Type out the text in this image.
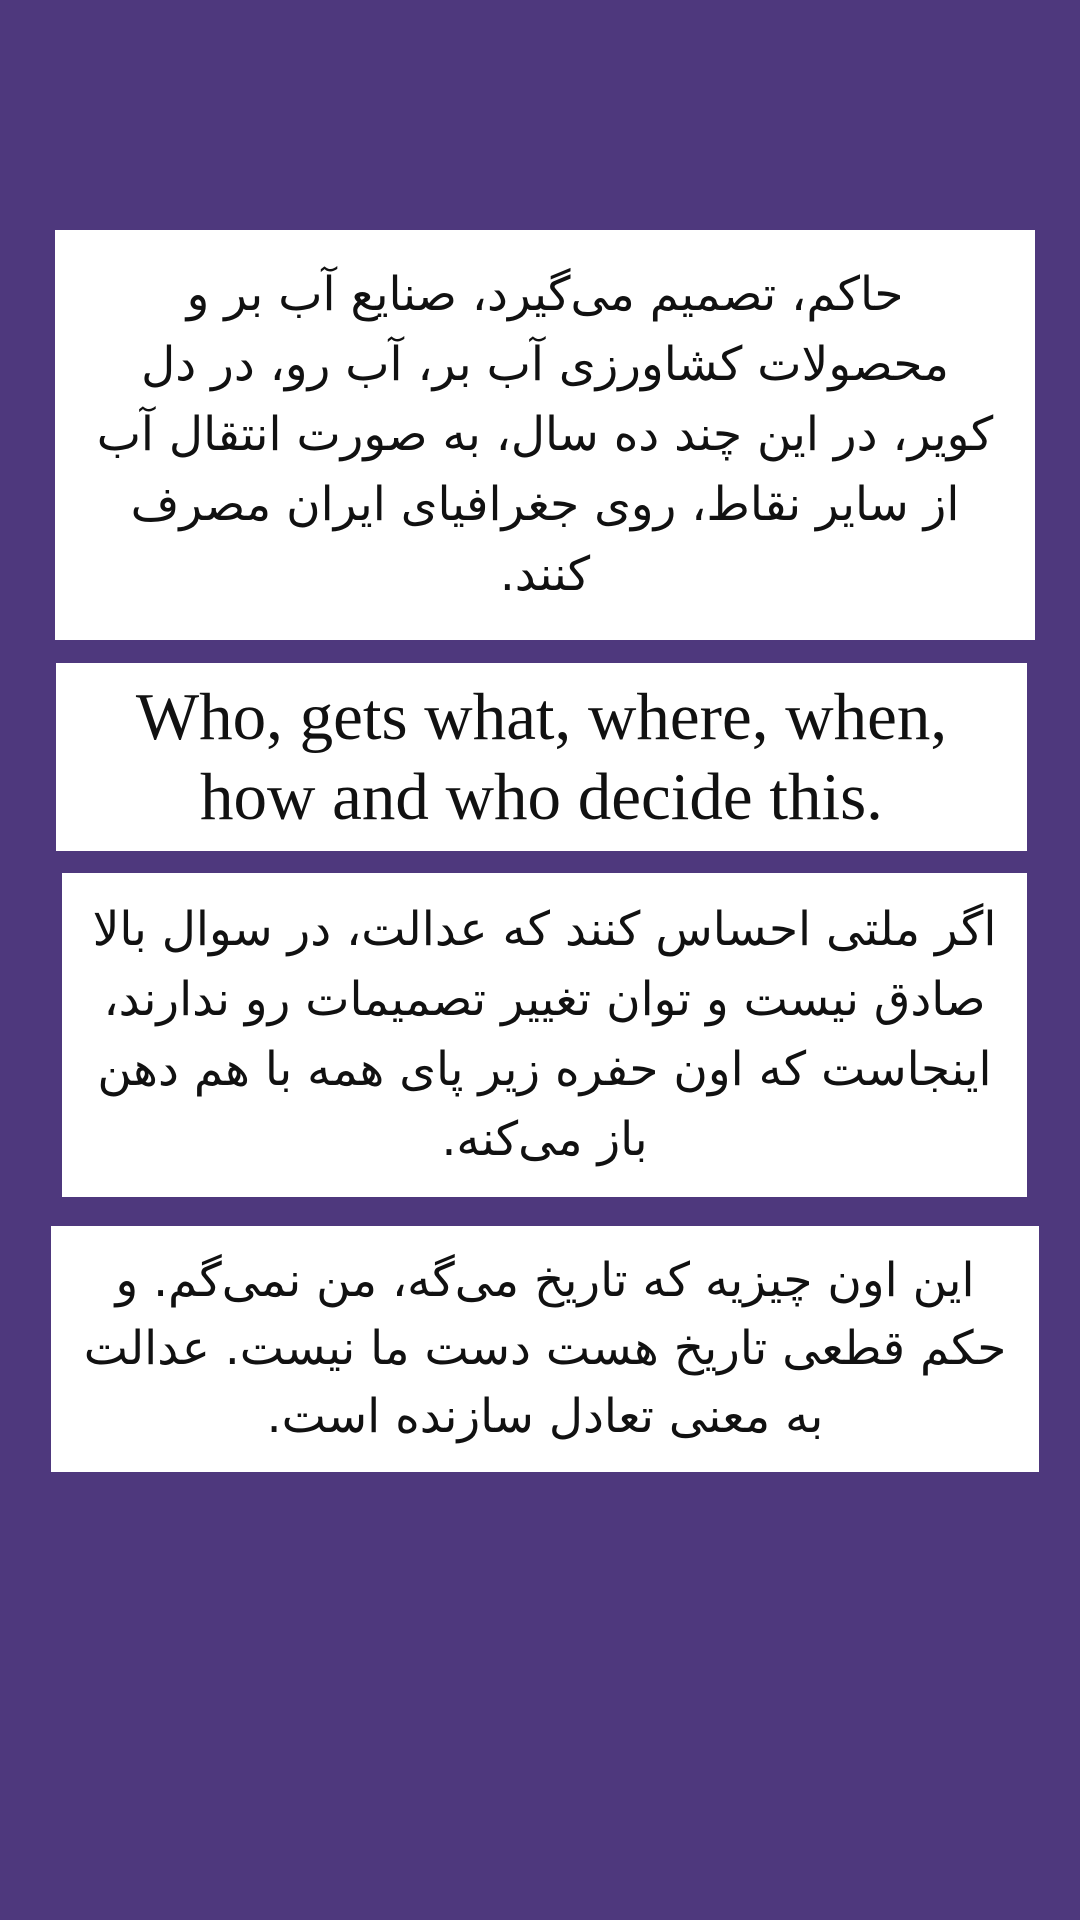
حاکم، تصمیم می‌گیرد، صنایع آب بر و محصولات کشاورزی آب بر، آب رو، در دل کویر، در این چند ده سال، به صورت انتقال آب از سایر نقاط، روی جغرافیای ایران مصرف کنند.
Who, gets what, where, when, how and who decide this.
اگر ملتی احساس کنند که عدالت، در سوال بالا صادق نیست و توان تغییر تصمیمات رو ندارند، اینجاست که اون حفره زیر پای همه با هم دهن باز می‌کنه.
این اون چیزیه که تاریخ می‌گه، من نمی‌گم. و حکم قطعی تاریخ هست دست ما نیست. عدالت به معنی تعادل سازنده است.
